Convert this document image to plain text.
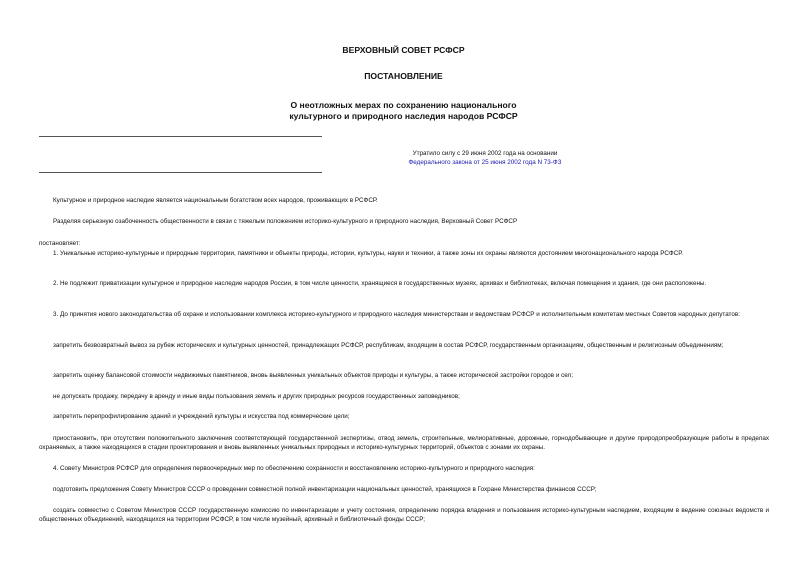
ВЕРХОВНЫЙ СОВЕТ РСФСР
ПОСТАНОВЛЕНИЕ
О неотложных мерах по сохранению национального
культурного и природного наследия народов РСФСР
Утратило силу с 29 июня 2002 года на основании
Федерального закона от 25 июня 2002 года N 73-ФЗ
Культурное и природное наследие является национальным богатством всех народов, проживающих в РСФСР.
Разделяя серьезную озабоченность общественности в связи с тяжелым положением историко-культурного и природного наследия, Верховный Совет РСФСР
постановляет:
1. Уникальные историко-культурные и природные территории, памятники и объекты природы, истории, культуры, науки и техники, а также зоны их охраны являются достоянием многонационального народа РСФСР.
2. Не подлежит приватизации культурное и природное наследие народов России, в том числе ценности, хранящиеся в государственных музеях, архивах и библиотеках, включая помещения и здания, где они расположены.
3. До принятия нового законодательства об охране и использовании комплекса историко-культурного и природного наследия министерствам и ведомствам РСФСР и исполнительным комитетам местных Советов народных депутатов:
запретить безвозвратный вывоз за рубеж исторических и культурных ценностей, принадлежащих РСФСР, республикам, входящим в состав РСФСР, государственным организациям, общественным и религиозным объединениям;
запретить оценку балансовой стоимости недвижимых памятников, вновь выявленных уникальных объектов природы и культуры, а также исторической застройки городов и сел;
не допускать продажу, передачу в аренду и иные виды пользования земель и других природных ресурсов государственных заповедников;
запретить перепрофилирование зданий и учреждений культуры и искусства под коммерческие цели;
приостановить, при отсутствии положительного заключения соответствующей государственной экспертизы, отвод земель, строительные, мелиоративные, дорожные, горнодобывающие и другие природопреобразующие работы в пределах охраняемых, а также находящихся в стадии проектирования и вновь выявленных уникальных природных и историко-культурных территорий, объектов с зонами их охраны.
4. Совету Министров РСФСР для определения первоочередных мер по обеспечению сохранности и восстановлению историко-культурного и природного наследия:
подготовить предложения Совету Министров СССР о проведении совместной полной инвентаризации национальных ценностей, хранящихся в Гохране Министерства финансов СССР;
создать совместно с Советом Министров СССР государственную комиссию по инвентаризации и учету состояния, определению порядка владения и пользования историко-культурным наследием, входящим в ведение союзных ведомств и общественных объединений, находящихся на территории РСФСР, в том числе музейный, архивный и библиотечный фонды СССР;
